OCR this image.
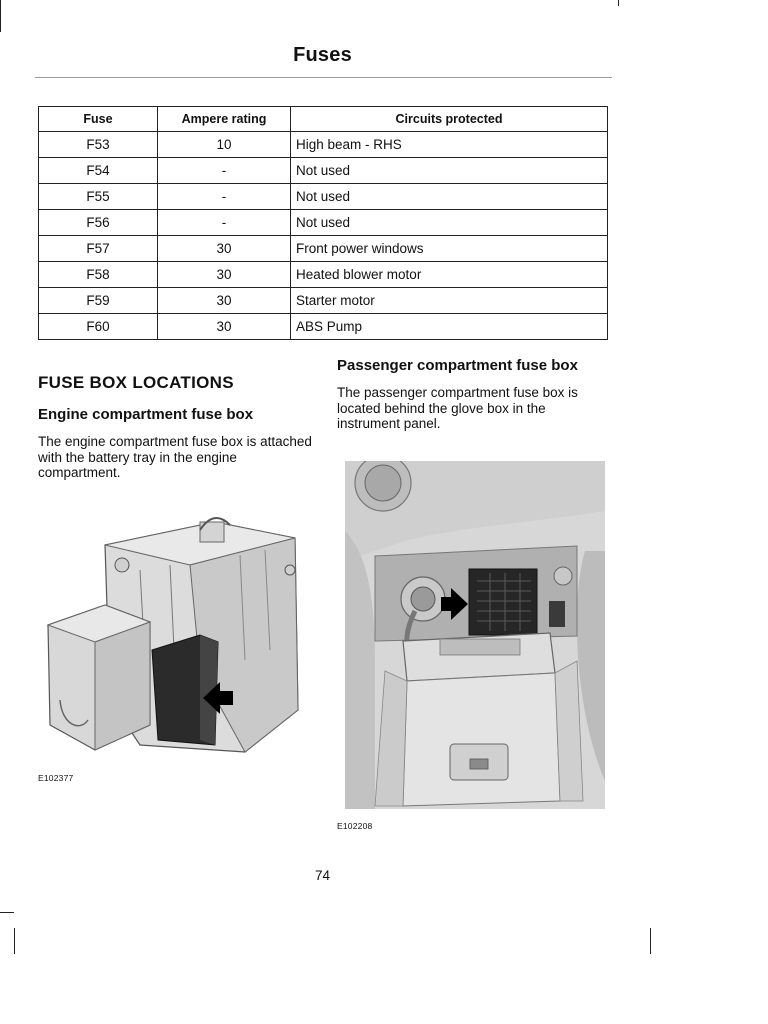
Fuses
Fuse	Ampere rating	Circuits protected
F53	10	High beam - RHS
F54	-	Not used
F55	-	Not used
F56	-	Not used
F57	30	Front power windows
F58	30	Heated blower motor
F59	30	Starter motor
F60	30	ABS Pump
FUSE BOX LOCATIONS
Engine compartment fuse box

The engine compartment fuse box is attached with the battery tray in the engine compartment.

E102377
Passenger compartment fuse box

The passenger compartment fuse box is located behind the glove box in the instrument panel.

E102208
74
